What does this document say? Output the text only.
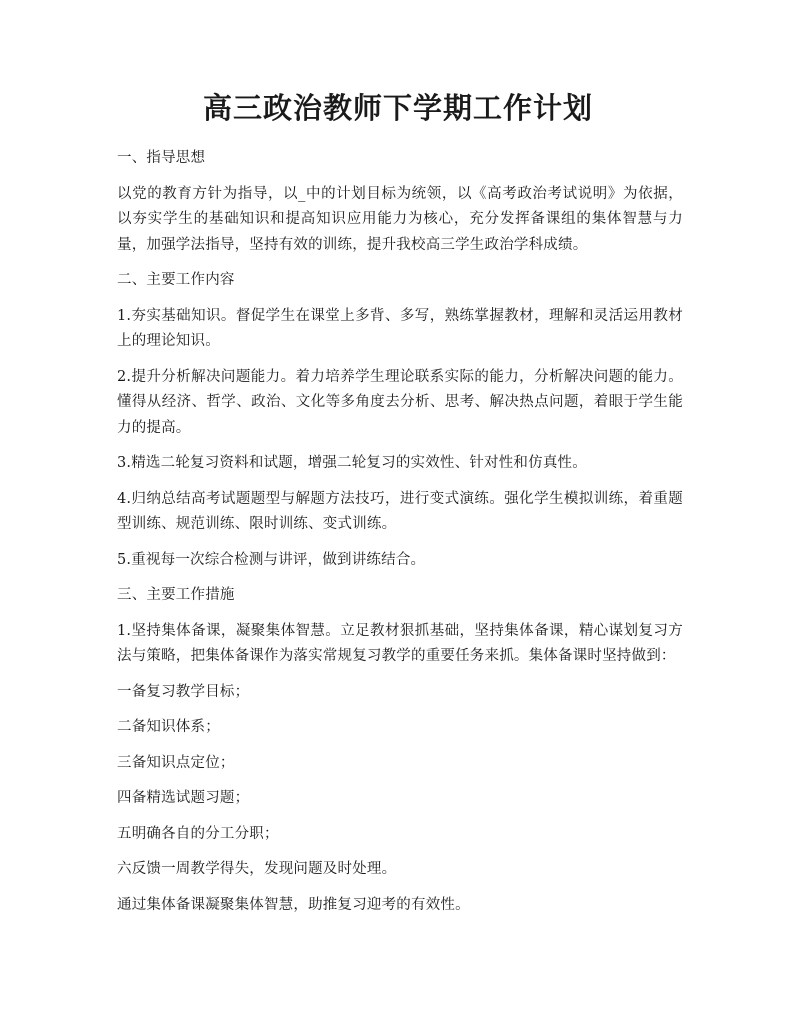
高三政治教师下学期工作计划

一、指导思想

以党的教育方针为指导，以_中的计划目标为统领，以《高考政治考试说明》为依据，以夯实学生的基础知识和提高知识应用能力为核心，充分发挥备课组的集体智慧与力量，加强学法指导，坚持有效的训练，提升我校高三学生政治学科成绩。

二、主要工作内容

1.夯实基础知识。督促学生在课堂上多背、多写，熟练掌握教材，理解和灵活运用教材上的理论知识。

2.提升分析解决问题能力。着力培养学生理论联系实际的能力，分析解决问题的能力。懂得从经济、哲学、政治、文化等多角度去分析、思考、解决热点问题，着眼于学生能力的提高。

3.精选二轮复习资料和试题，增强二轮复习的实效性、针对性和仿真性。

4.归纳总结高考试题题型与解题方法技巧，进行变式演练。强化学生模拟训练，着重题型训练、规范训练、限时训练、变式训练。

5.重视每一次综合检测与讲评，做到讲练结合。

三、主要工作措施

1.坚持集体备课，凝聚集体智慧。立足教材狠抓基础，坚持集体备课，精心谋划复习方法与策略，把集体备课作为落实常规复习教学的重要任务来抓。集体备课时坚持做到：

一备复习教学目标；

二备知识体系；

三备知识点定位；

四备精选试题习题；

五明确各自的分工分职；

六反馈一周教学得失，发现问题及时处理。

通过集体备课凝聚集体智慧，助推复习迎考的有效性。
